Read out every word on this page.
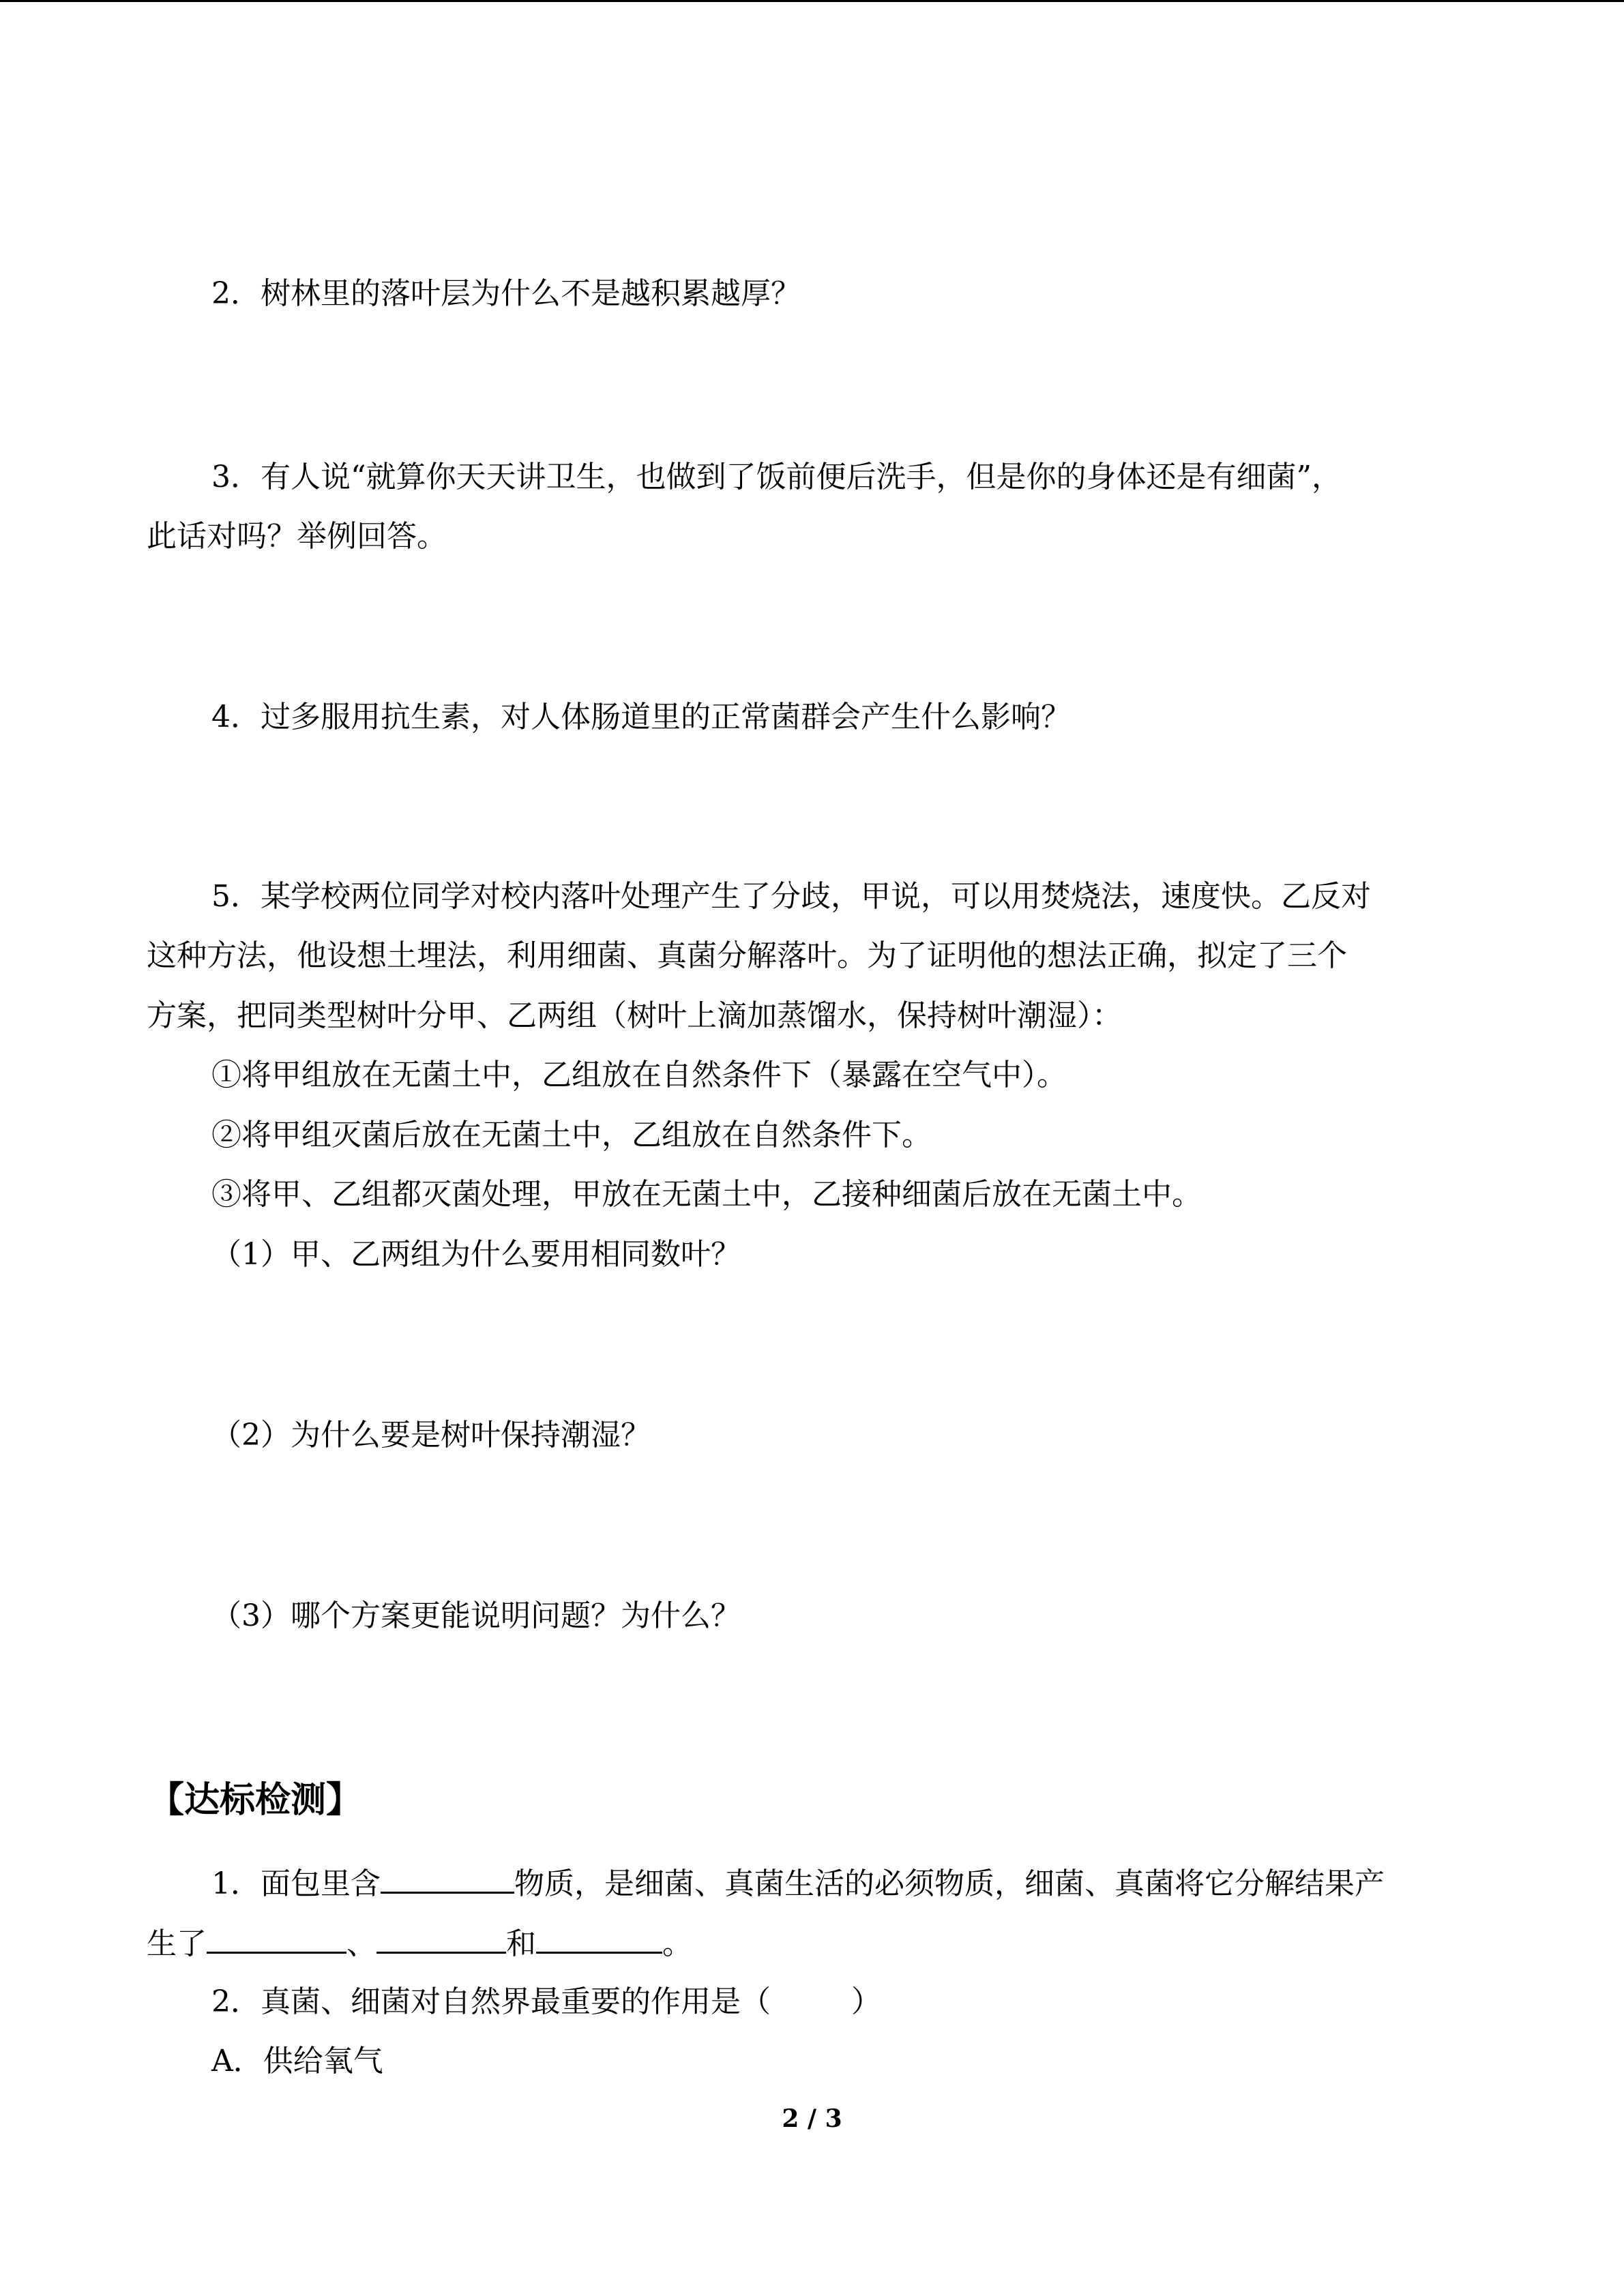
2．树林里的落叶层为什么不是越积累越厚？
3．有人说“就算你天天讲卫生，也做到了饭前便后洗手，但是你的身体还是有细菌”，
此话对吗？举例回答。
4．过多服用抗生素，对人体肠道里的正常菌群会产生什么影响？
5．某学校两位同学对校内落叶处理产生了分歧，甲说，可以用焚烧法，速度快。乙反对
这种方法，他设想土埋法，利用细菌、真菌分解落叶。为了证明他的想法正确，拟定了三个
方案，把同类型树叶分甲、乙两组（树叶上滴加蒸馏水，保持树叶潮湿）：
①将甲组放在无菌土中，乙组放在自然条件下（暴露在空气中）。
②将甲组灭菌后放在无菌土中，乙组放在自然条件下。
③将甲、乙组都灭菌处理，甲放在无菌土中，乙接种细菌后放在无菌土中。
（1）甲、乙两组为什么要用相同数叶？
（2）为什么要是树叶保持潮湿？
（3）哪个方案更能说明问题？为什么？
【达标检测】
1．面包里含	物质，是细菌、真菌生活的必须物质，细菌、真菌将它分解结果产
生了	、	和	。
2．真菌、细菌对自然界最重要的作用是（	）
A．供给氧气
2 / 3
